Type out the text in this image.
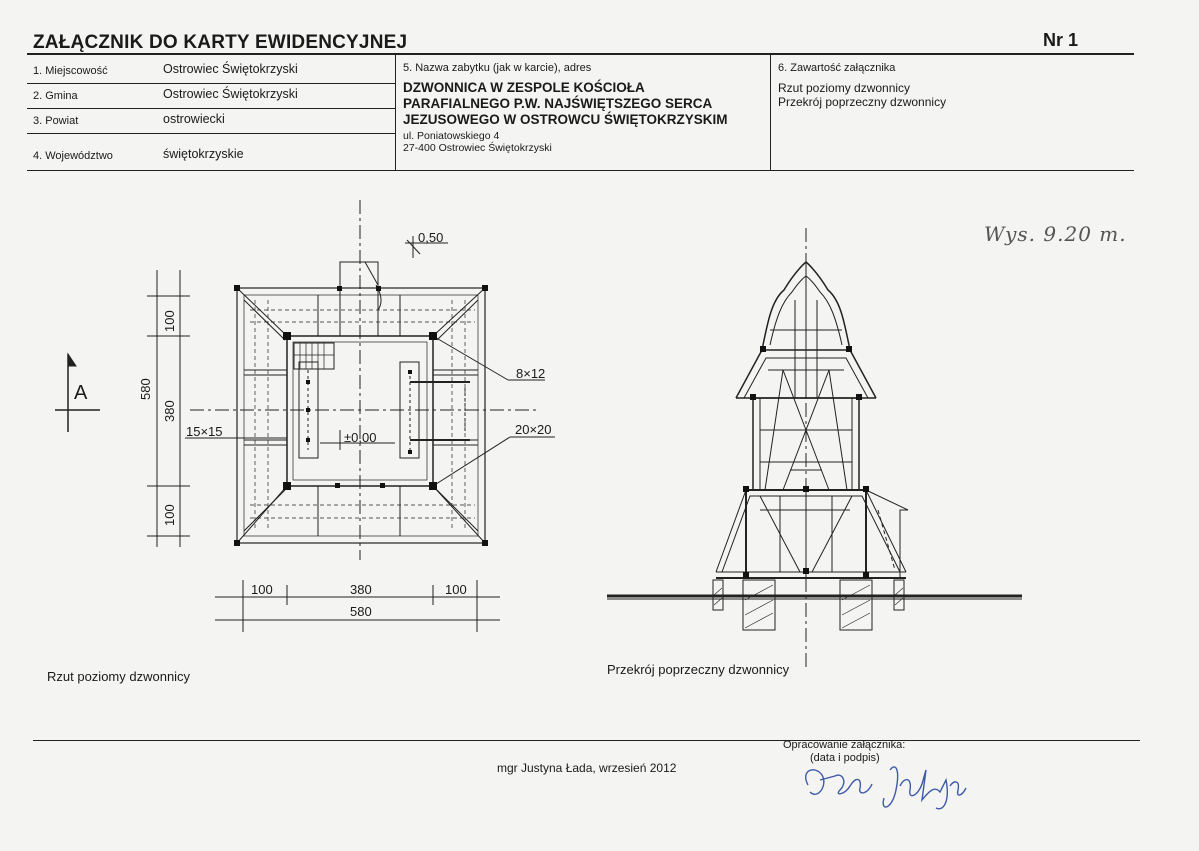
ZAŁĄCZNIK DO KARTY EWIDENCYJNEJ	Nr 1
1. Miejscowość	Ostrowiec Świętokrzyski
2. Gmina	Ostrowiec Świętokrzyski
3. Powiat	ostrowiecki
4. Województwo	świętokrzyskie
5. Nazwa zabytku (jak w karcie), adres
DZWONNICA W ZESPOLE KOŚCIOŁA
PARAFIALNEGO P.W. NAJŚWIĘTSZEGO SERCA
JEZUSOWEGO W OSTROWCU ŚWIĘTOKRZYSKIM
ul. Poniatowskiego 4
27-400 Ostrowiec Świętokrzyski
6. Zawartość załącznika
Rzut poziomy dzwonnicy
Przekrój poprzeczny dzwonnicy
Wys. 9.20 m.
0,50
8×12
20×20
15×15	±0,00
580
380
100
100
100	380	100
580
A
Rzut poziomy dzwonnicy	Przekrój poprzeczny dzwonnicy
mgr Justyna Łada, wrzesień 2012
Opracowanie załącznika:
(data i podpis)
